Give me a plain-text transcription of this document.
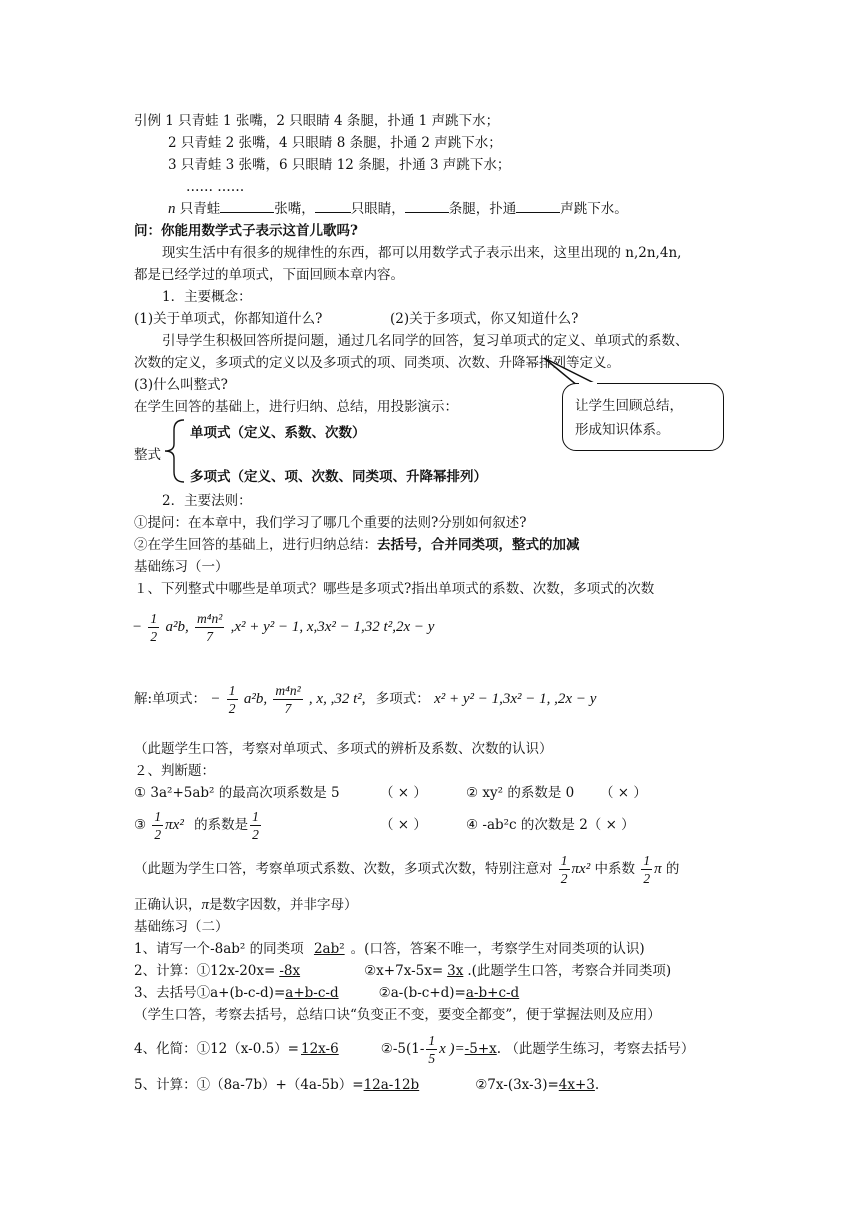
引例 1 只青蛙 1 张嘴，2 只眼睛 4 条腿，扑通 1 声跳下水；
2 只青蛙 2 张嘴，4 只眼睛 8 条腿，扑通 2 声跳下水；
3 只青蛙 3 张嘴，6 只眼睛 12 条腿，扑通 3 声跳下水；
…… ……
n 只青蛙	张嘴，	只眼睛，	条腿，扑通	声跳下水。
问：你能用数学式子表示这首儿歌吗?
现实生活中有很多的规律性的东西，都可以用数学式子表示出来，这里出现的 n,2n,4n,
都是已经学过的单项式，下面回顾本章内容。
1．主要概念：
(1)关于单项式，你都知道什么?	(2)关于多项式，你又知道什么?
引导学生积极回答所提问题，通过几名同学的回答，复习单项式的定义、单项式的系数、
次数的定义，多项式的定义以及多项式的项、同类项、次数、升降幂排列等定义。
(3)什么叫整式?
在学生回答的基础上，进行归纳、总结，用投影演示：	让学生回顾总结，
形成知识体系。
整式
单项式（定义、系数、次数）
多项式（定义、项、次数、同类项、升降幂排列）
2．主要法则：
①提问：在本章中，我们学习了哪几个重要的法则?分别如何叙述?
②在学生回答的基础上，进行归纳总结：去括号，合并同类项，整式的加减
基础练习（一）
１、下列整式中哪些是单项式？哪些是多项式?指出单项式的系数、次数，多项式的次数
− $\frac{1}{2} a^2b$, $\frac{\text{m⁴n²}}{7} ,x^2 + y^2 - 1$, x,3x² − 1,32 t²,2x − y
解:单项式： − $\frac{1}{2} a^2b$, $\frac{\text{m⁴n²}}{7}$ , x, ,32 t², 多项式： x² + y² − 1,3x² − 1, ,2x − y
（此题学生口答，考察对单项式、多项式的辨析及系数、次数的认识）
２、判断题：
① 3a²+5ab² 的最高次项系数是 5	（ × ）	② xy² 的系数是 0 （ × ）
③ $\frac{1}{2} \pi x^2$ 的系数是 $\frac{1}{2}$	（ × ）	④ -ab²c 的次数是 2（ × ）
（此题为学生口答，考察单项式系数、次数，多项式次数，特别注意对 $\frac{1}{2} \pi x^2$ 中系数 $\frac{1}{2}$ π 的
正确认识，π是数字因数，并非字母）
基础练习（二）
1、请写一个-8ab² 的同类项 2ab² 。(口答，答案不唯一，考察学生对同类项的认识)
2、计算：①12x-20x= -8x	②x+7x-5x= 3x .(此题学生口答，考察合并同类项)
3、去括号①a+(b-c-d)=a+b-c-d	②a-(b-c+d)=a-b+c-d
（学生口答，考察去括号，总结口诀“负变正不变，要变全都变”，便于掌握法则及应用）
4、化简：①12（x-0.5）= 12x-6	②-5(1- $\frac{1}{5}$ x )=-5+x. （此题学生练习，考察去括号）
5、计算：①（8a-7b）+（4a-5b）=12a-12b	②7x-(3x-3)=4x+3.
